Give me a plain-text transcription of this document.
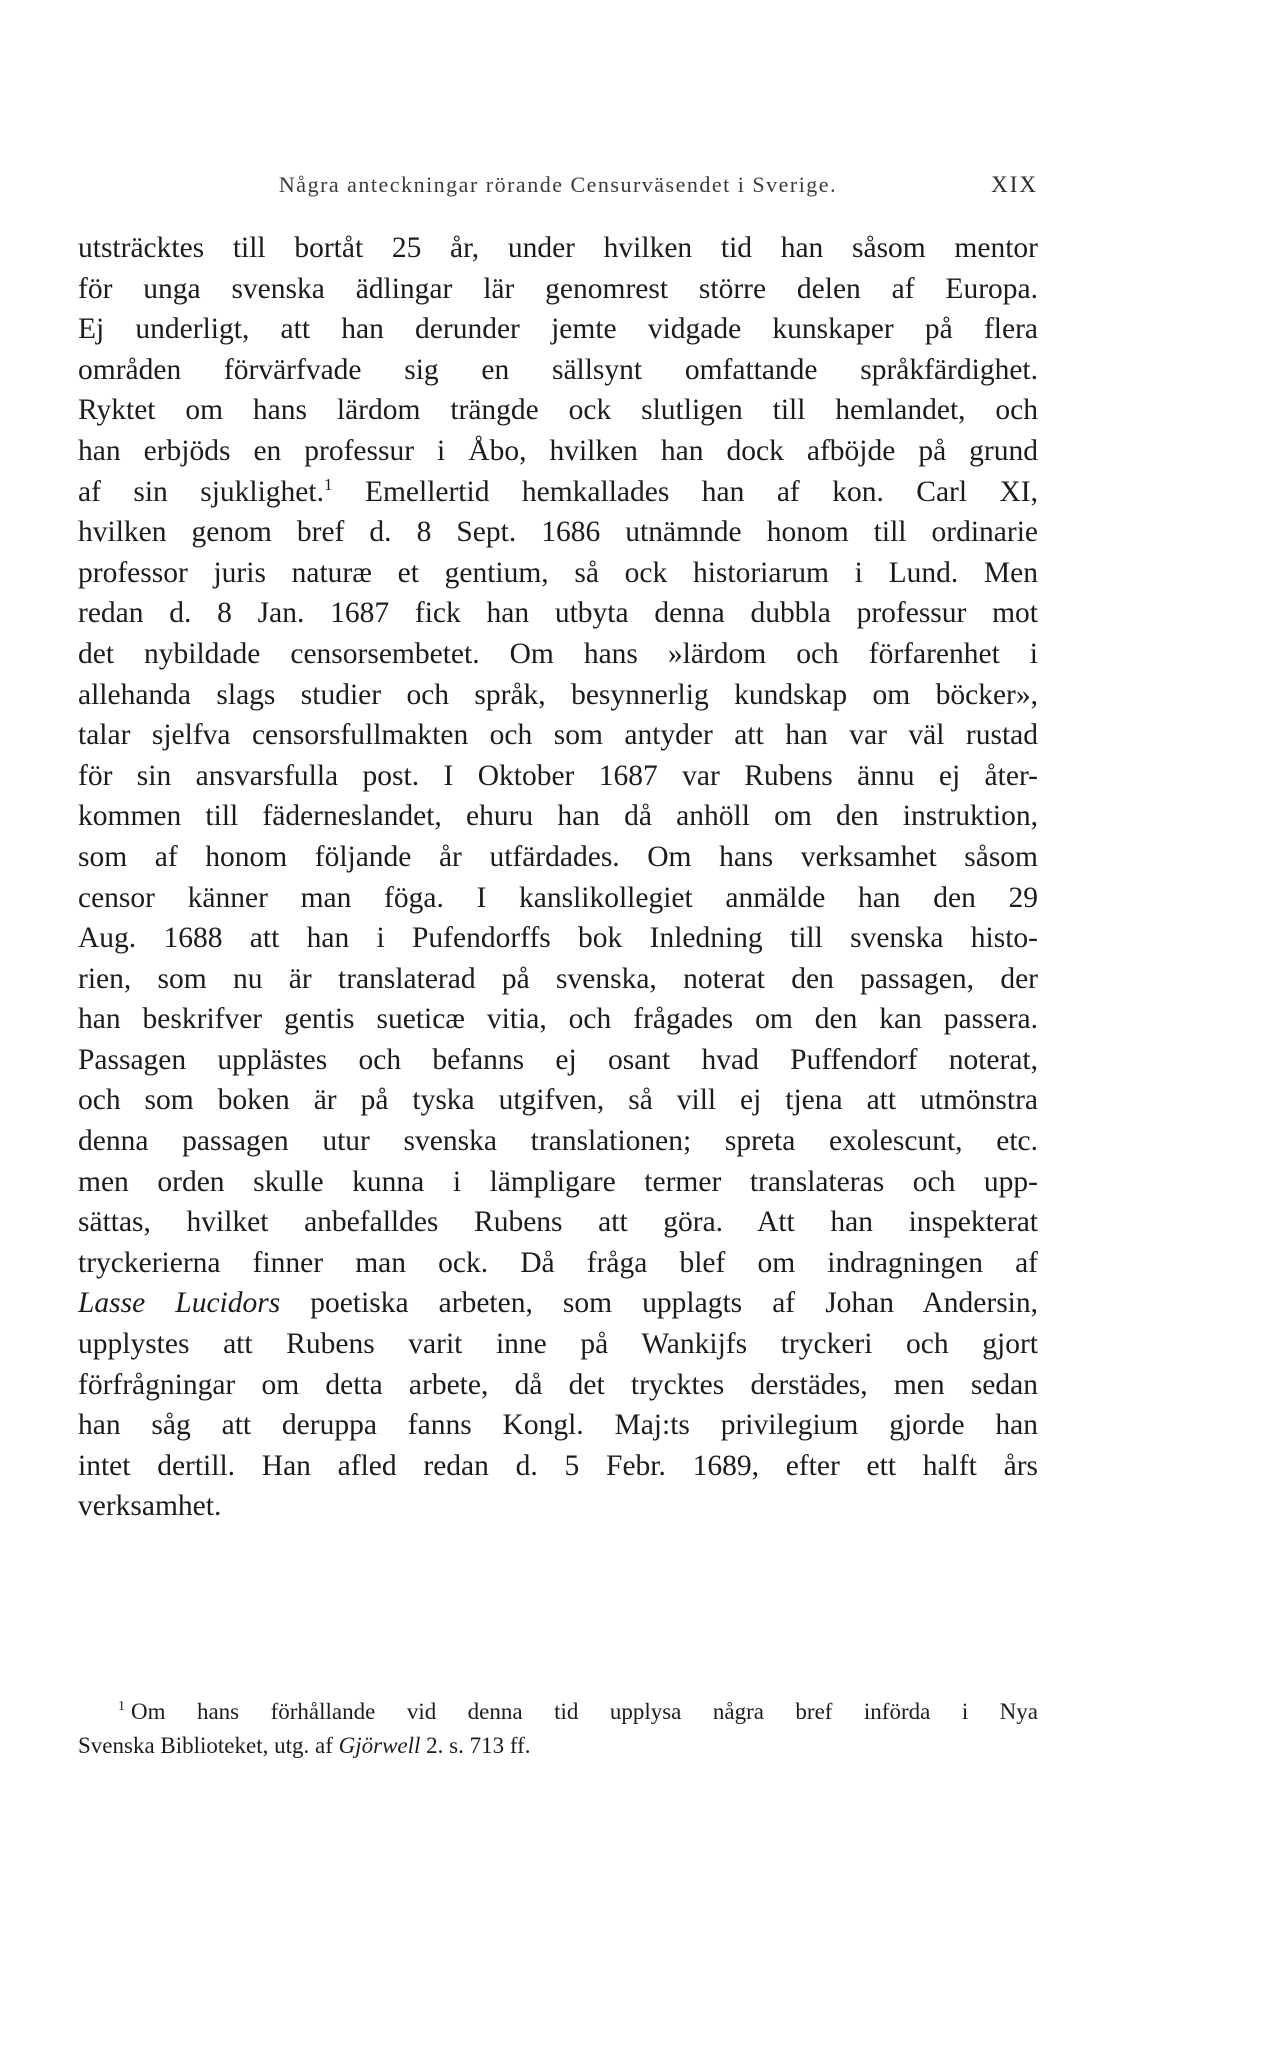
Några anteckningar rörande Censurväsendet i Sverige.	XIX
utsträcktes till bortåt 25 år, under hvilken tid han såsom mentor
för unga svenska ädlingar lär genomrest större delen af Europa.
Ej underligt, att han derunder jemte vidgade kunskaper på flera
områden förvärfvade sig en sällsynt omfattande språkfärdighet.
Ryktet om hans lärdom trängde ock slutligen till hemlandet, och
han erbjöds en professur i Åbo, hvilken han dock afböjde på grund
af sin sjuklighet.$^1$ Emellertid hemkallades han af kon. Carl XI,
hvilken genom bref d. 8 Sept. 1686 utnämnde honom till ordinarie
professor juris naturæ et gentium, så ock historiarum i Lund. Men
redan d. 8 Jan. 1687 fick han utbyta denna dubbla professur mot
det nybildade censorsembetet. Om hans »lärdom och förfarenhet i
allehanda slags studier och språk, besynnerlig kundskap om böcker»,
talar sjelfva censorsfullmakten och som antyder att han var väl rustad
för sin ansvarsfulla post. I Oktober 1687 var Rubens ännu ej åter-
kommen till fäderneslandet, ehuru han då anhöll om den instruktion,
som af honom följande år utfärdades. Om hans verksamhet såsom
censor känner man föga. I kanslikollegiet anmälde han den 29
Aug. 1688 att han i Pufendorffs bok Inledning till svenska histo-
rien, som nu är translaterad på svenska, noterat den passagen, der
han beskrifver gentis sueticæ vitia, och frågades om den kan passera.
Passagen upplästes och befanns ej osant hvad Puffendorf noterat,
och som boken är på tyska utgifven, så vill ej tjena att utmönstra
denna passagen utur svenska translationen; spreta exolescunt, etc.
men orden skulle kunna i lämpligare termer translateras och upp-
sättas, hvilket anbefalldes Rubens att göra. Att han inspekterat
tryckerierna finner man ock. Då fråga blef om indragningen af
Lasse Lucidors poetiska arbeten, som upplagts af Johan Andersin,
upplystes att Rubens varit inne på Wankijfs tryckeri och gjort
förfrågningar om detta arbete, då det trycktes derstädes, men sedan
han såg att deruppa fanns Kongl. Maj:ts privilegium gjorde han
intet dertill. Han afled redan d. 5 Febr. 1689, efter ett halft års
verksamhet.
$^1$ Om hans förhållande vid denna tid upplysa några bref införda i Nya
Svenska Biblioteket, utg. af Gjörwell 2. s. 713 ff.
